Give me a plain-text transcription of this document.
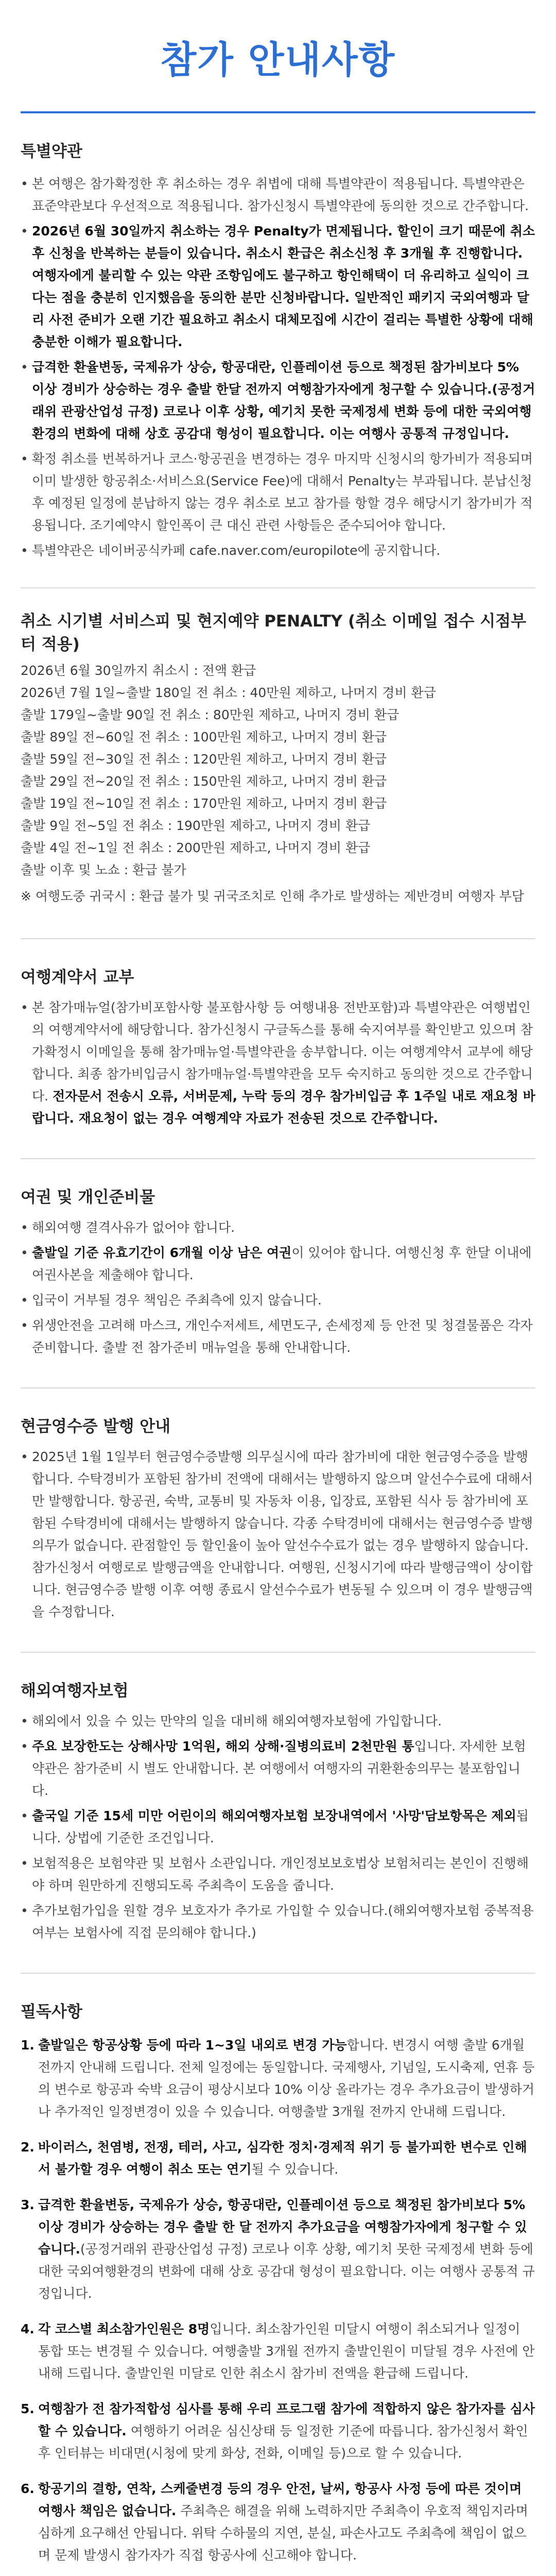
참가 안내사항
특별약관
• 본 여행은 참가확정한 후 취소하는 경우 취볍에 대해 특별약관이 적용됩니다. 특별약관은 표준약관보다 우선적으로 적용됩니다. 참가신청시 특별약관에 동의한 것으로 간주합니다.
• 2026년 6월 30일까지 취소하는 경우 Penalty가 면제됩니다. 할인이 크기 때문에 취소 후 신청을 반복하는 분들이 있습니다. 취소시 환급은 취소신청 후 3개월 후 진행합니다. 여행자에게 불리할 수 있는 약관 조항임에도 불구하고 항인해택이 더 유리하고 실익이 크다는 점을 충분히 인지했음을 동의한 분만 신청바랍니다. 일반적인 패키지 국외여행과 달리 사전 준비가 오랜 기간 필요하고 취소시 대체모집에 시간이 걸리는 특별한 상황에 대해 충분한 이해가 필요합니다.
• 급격한 환율변동, 국제유가 상승, 항공대란, 인플레이션 등으로 책정된 참가비보다 5% 이상 경비가 상승하는 경우 출발 한달 전까지 여행참가자에게 청구할 수 있습니다.(공정거래위 관광산업성 규정) 코로나 이후 상황, 예기치 못한 국제정세 변화 등에 대한 국외여행환경의 변화에 대해 상호 공감대 형성이 필요합니다. 이는 여행사 공통적 규정입니다.
• 확정 취소를 번복하거나 코스·항공권을 변경하는 경우 마지막 신청시의 항가비가 적용되며 이미 발생한 항공취소·서비스요(Service Fee)에 대해서 Penalty는 부과됩니다. 분납신청 후 예정된 일정에 분납하지 않는 경우 취소로 보고 참가를 항할 경우 해당시기 참가비가 적용됩니다. 조기예약시 할인폭이 큰 대신 관련 사항들은 준수되어야 합니다.
• 특별약관은 네이버공식카페 cafe.naver.com/europilote에 공지합니다.
취소 시기별 서비스피 및 현지예약 PENALTY (취소 이메일 접수 시점부터 적용)
2026년 6월 30일까지 취소시 : 전액 환급
2026년 7월 1일~출발 180일 전 취소 : 40만원 제하고, 나머지 경비 환급
출발 179일~출발 90일 전 취소 : 80만원 제하고, 나머지 경비 환급
출발 89일 전~60일 전 취소 : 100만원 제하고, 나머지 경비 환급
출발 59일 전~30일 전 취소 : 120만원 제하고, 나머지 경비 환급
출발 29일 전~20일 전 취소 : 150만원 제하고, 나머지 경비 환급
출발 19일 전~10일 전 취소 : 170만원 제하고, 나머지 경비 환급
출발 9일 전~5일 전 취소 : 190만원 제하고, 나머지 경비 환급
출발 4일 전~1일 전 취소 : 200만원 제하고, 나머지 경비 환급
출발 이후 및 노쇼 : 환급 불가
※ 여행도중 귀국시 : 환급 불가 및 귀국조치로 인해 추가로 발생하는 제반경비 여행자 부담
여행계약서 교부
• 본 참가매뉴얼(참가비포함사항 불포함사항 등 여행내용 전반포함)과 특별약관은 여행법인의 여행계약서에 해당합니다. 참가신청시 구글독스를 통해 숙지여부를 확인받고 있으며 참가확정시 이메일을 통해 참가매뉴얼·특별약관을 송부합니다. 이는 여행계약서 교부에 해당합니다. 최종 참가비입금시 참가매뉴얼·특별약관을 모두 숙지하고 동의한 것으로 간주합니다. 전자문서 전송시 오류, 서버문제, 누락 등의 경우 참가비입금 후 1주일 내로 재요청 바랍니다. 재요청이 없는 경우 여행계약 자료가 전송된 것으로 간주합니다.
여권 및 개인준비물
• 해외여행 결격사유가 없어야 합니다.
• 출발일 기준 유효기간이 6개월 이상 남은 여권이 있어야 합니다. 여행신청 후 한달 이내에 여권사본을 제출해야 합니다.
• 입국이 거부될 경우 책임은 주최측에 있지 않습니다.
• 위생안전을 고려해 마스크, 개인수저세트, 세면도구, 손세정제 등 안전 및 청결물품은 각자 준비합니다. 출발 전 참가준비 매뉴얼을 통해 안내합니다.
현금영수증 발행 안내
• 2025년 1월 1일부터 현금영수증발행 의무실시에 따라 참가비에 대한 현금영수증을 발행합니다. 수탁경비가 포함된 참가비 전액에 대해서는 발행하지 않으며 알선수수료에 대해서만 발행합니다. 항공권, 숙박, 교통비 및 자동차 이용, 입장료, 포함된 식사 등 참가비에 포함된 수탁경비에 대해서는 발행하지 않습니다. 각종 수탁경비에 대해서는 현금영수증 발행 의무가 없습니다. 관점할인 등 할인율이 높아 알선수수료가 없는 경우 발행하지 않습니다. 참가신청서 여행로로 발행금액을 안내합니다. 여행원, 신청시기에 따라 발행금액이 상이합니다. 현금영수증 발행 이후 여행 종료시 알선수수료가 변동될 수 있으며 이 경우 발행금액을 수정합니다.
해외여행자보험
• 해외에서 있을 수 있는 만약의 일을 대비해 해외여행자보험에 가입합니다.
• 주요 보장한도는 상해사망 1억원, 해외 상해·질병의료비 2천만원 통입니다. 자세한 보험약관은 참가준비 시 별도 안내합니다. 본 여행에서 여행자의 귀환환송의무는 불포함입니다.
• 출국일 기준 15세 미만 어린이의 해외여행자보험 보장내역에서 '사망'담보항목은 제외됩니다. 상법에 기준한 조건입니다.
• 보험적용은 보험약관 및 보험사 소관입니다. 개인정보보호법상 보험처리는 본인이 진행해야 하며 원만하게 진행되도록 주최측이 도움을 줍니다.
• 추가보험가입을 원할 경우 보호자가 추가로 가입할 수 있습니다.(해외여행자보험 중복적용 여부는 보험사에 직접 문의해야 합니다.)
필독사항
1. 출발일은 항공상황 등에 따라 1~3일 내외로 변경 가능합니다. 변경시 여행 출발 6개월 전까지 안내해 드립니다. 전체 일정에는 동일합니다. 국제행사, 기념일, 도시축제, 연휴 등의 변수로 항공과 숙박 요금이 평상시보다 10% 이상 올라가는 경우 추가요금이 발생하거나 추가적인 일정변경이 있을 수 있습니다. 여행출발 3개월 전까지 안내해 드립니다.
2. 바이러스, 천염병, 전쟁, 테러, 사고, 심각한 정치·경제적 위기 등 불가피한 변수로 인해서 불가할 경우 여행이 취소 또는 연기될 수 있습니다.
3. 급격한 환율변동, 국제유가 상승, 항공대란, 인플레이션 등으로 책정된 참가비보다 5% 이상 경비가 상승하는 경우 출발 한 달 전까지 추가요금을 여행참가자에게 청구할 수 있습니다.(공정거래위 관광산업성 규정) 코로나 이후 상황, 예기치 못한 국제정세 변화 등에 대한 국외여행환경의 변화에 대해 상호 공감대 형성이 필요합니다. 이는 여행사 공통적 규정입니다.
4. 각 코스별 최소참가인원은 8명입니다. 최소참가인원 미달시 여행이 취소되거나 일정이 통합 또는 변경될 수 있습니다. 여행출발 3개월 전까지 출발인원이 미달될 경우 사전에 안내해 드립니다. 출발인원 미달로 인한 취소시 참가비 전액을 환급해 드립니다.
5. 여행참가 전 참가적합성 심사를 통해 우리 프로그램 참가에 적합하지 않은 참가자를 심사할 수 있습니다. 여행하기 어려운 심신상태 등 일정한 기준에 따릅니다. 참가신청서 확인 후 인터뷰는 비대면(시청에 맞게 화상, 전화, 이메일 등)으로 할 수 있습니다.
6. 항공기의 결항, 연착, 스케줄변경 등의 경우 안전, 날씨, 항공사 사정 등에 따른 것이며 여행사 책임은 없습니다. 주최측은 해결을 위해 노력하지만 주최측이 우호적 책임지라며 심하게 요구해선 안됩니다. 위탁 수하물의 지연, 분실, 파손사고도 주최측에 책임이 없으며 문제 발생시 참가자가 직접 항공사에 신고해야 합니다.
